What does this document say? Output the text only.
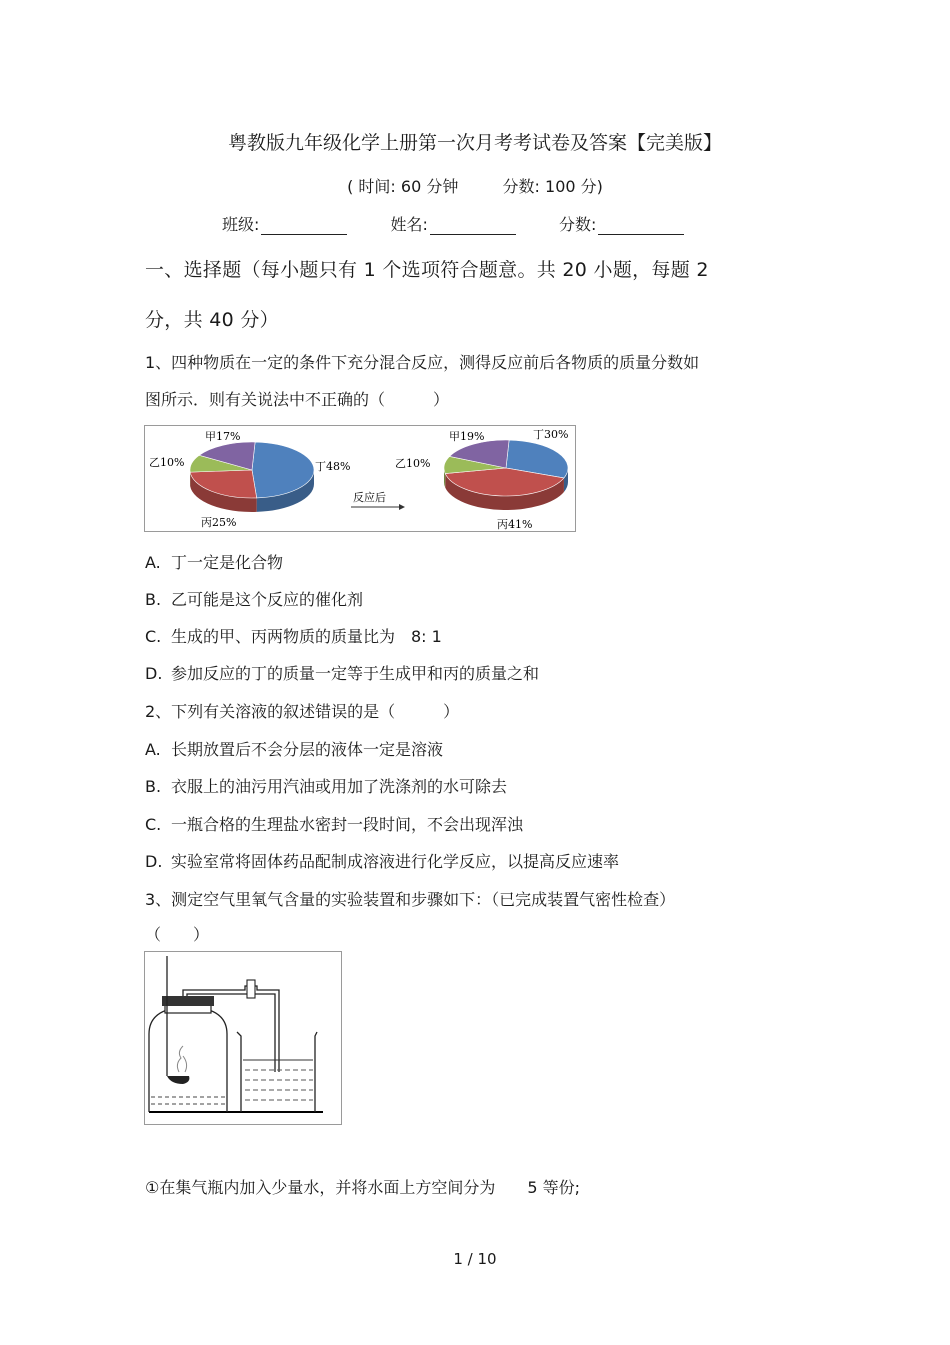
粤教版九年级化学上册第一次月考考试卷及答案【完美版】
( 时间: 60 分钟	分数: 100 分)
班级:	姓名:	分数:
一、选择题（每小题只有 1 个选项符合题意。共 20 小题，每题 2
分，共 40 分）
1、四种物质在一定的条件下充分混合反应，测得反应前后各物质的质量分数如
图所示．则有关说法中不正确的（　　　）
乙10%
甲17%
丁48%
丙25%
反应后
乙10%
甲19%	丁30%
丙41%
A. 丁一定是化合物
B. 乙可能是这个反应的催化剂
C. 生成的甲、丙两物质的质量比为　8: 1
D. 参加反应的丁的质量一定等于生成甲和丙的质量之和
2、下列有关溶液的叙述错误的是（　　　）
A. 长期放置后不会分层的液体一定是溶液
B. 衣服上的油污用汽油或用加了洗涤剂的水可除去
C. 一瓶合格的生理盐水密封一段时间，不会出现浑浊
D. 实验室常将固体药品配制成溶液进行化学反应，以提高反应速率
3、测定空气里氧气含量的实验装置和步骤如下：（已完成装置气密性检查）
（　　）
①在集气瓶内加入少量水，并将水面上方空间分为　　5 等份;
1 / 10
